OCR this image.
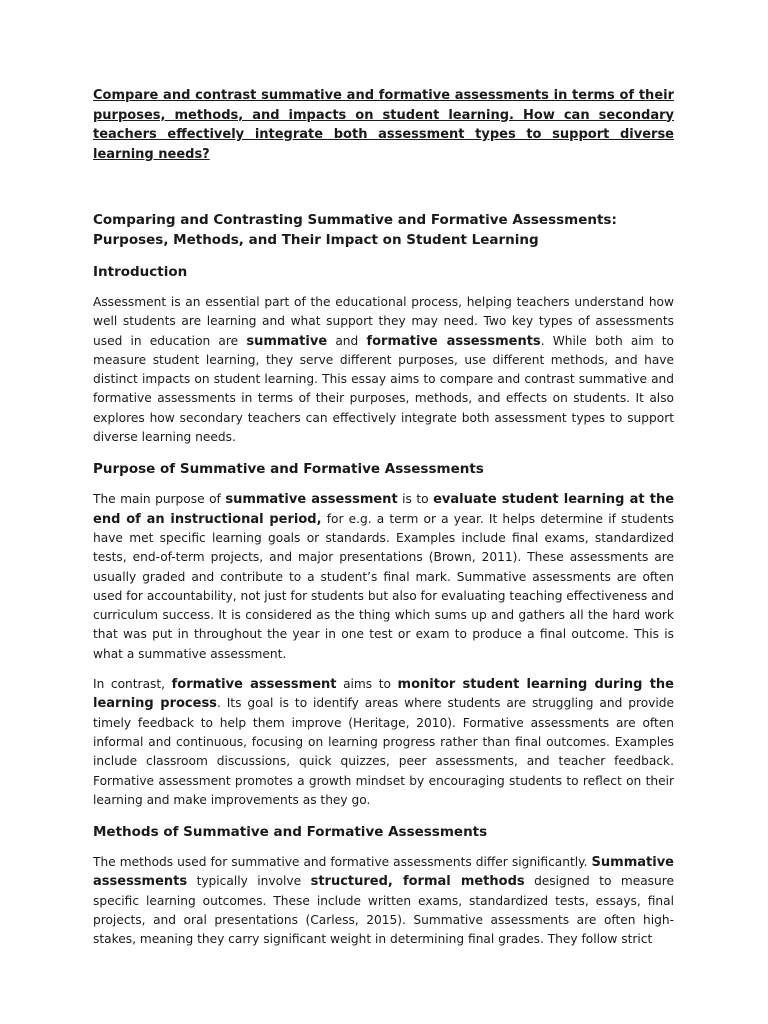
Compare and contrast summative and formative assessments in terms of their purposes, methods, and impacts on student learning. How can secondary teachers effectively integrate both assessment types to support diverse learning needs?

Comparing and Contrasting Summative and Formative Assessments: Purposes, Methods, and Their Impact on Student Learning
Introduction

Assessment is an essential part of the educational process, helping teachers understand how well students are learning and what support they may need. Two key types of assessments used in education are summative and formative assessments. While both aim to measure student learning, they serve different purposes, use different methods, and have distinct impacts on student learning. This essay aims to compare and contrast summative and formative assessments in terms of their purposes, methods, and effects on students. It also explores how secondary teachers can effectively integrate both assessment types to support diverse learning needs.

Purpose of Summative and Formative Assessments

The main purpose of summative assessment is to evaluate student learning at the end of an instructional period, for e.g. a term or a year. It helps determine if students have met specific learning goals or standards. Examples include final exams, standardized tests, end-of-term projects, and major presentations (Brown, 2011). These assessments are usually graded and contribute to a student’s final mark. Summative assessments are often used for accountability, not just for students but also for evaluating teaching effectiveness and curriculum success. It is considered as the thing which sums up and gathers all the hard work that was put in throughout the year in one test or exam to produce a final outcome. This is what a summative assessment.

In contrast, formative assessment aims to monitor student learning during the learning process. Its goal is to identify areas where students are struggling and provide timely feedback to help them improve (Heritage, 2010). Formative assessments are often informal and continuous, focusing on learning progress rather than final outcomes. Examples include classroom discussions, quick quizzes, peer assessments, and teacher feedback. Formative assessment promotes a growth mindset by encouraging students to reflect on their learning and make improvements as they go.

Methods of Summative and Formative Assessments

The methods used for summative and formative assessments differ significantly. Summative assessments typically involve structured, formal methods designed to measure specific learning outcomes. These include written exams, standardized tests, essays, final projects, and oral presentations (Carless, 2015). Summative assessments are often high-stakes, meaning they carry significant weight in determining final grades. They follow strict
